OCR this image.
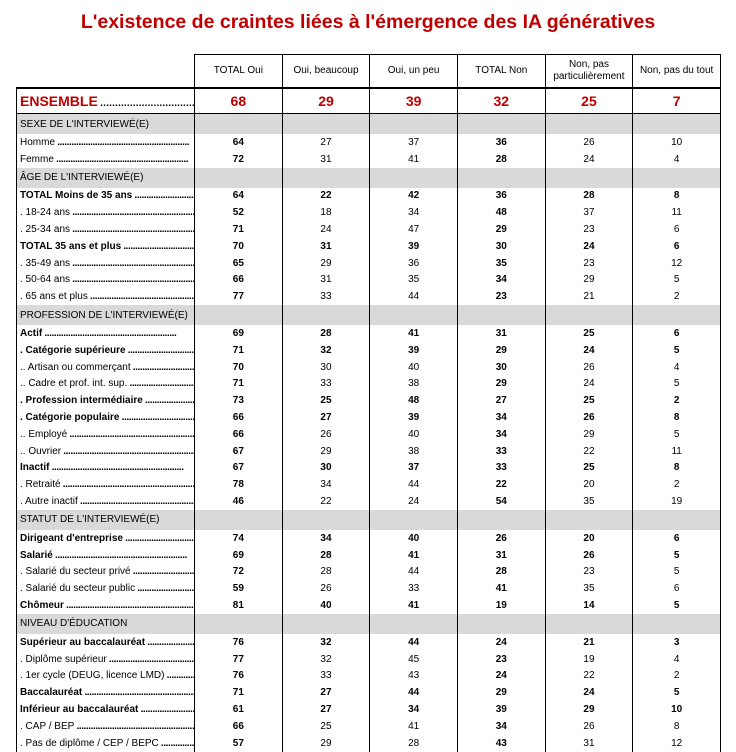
L'existence de craintes liées à l'émergence des IA génératives
	TOTAL Oui	Oui, beaucoup	Oui, un peu	TOTAL Non	Non, pas particulièrement	Non, pas du tout

ENSEMBLE . . .	68	29	39	32	25	7
SEXE DE L'INTERVIEWÉ(E)						

Homme . . .	64	27	37	36	26	10

Femme . . .	72	31	41	28	24	4
ÂGE DE L'INTERVIEWÉ(E)						

TOTAL Moins de 35 ans . . .	64	22	42	36	28	8

. 18-24 ans . . .	52	18	34	48	37	11

. 25-34 ans . . .	71	24	47	29	23	6

TOTAL 35 ans et plus . . .	70	31	39	30	24	6

. 35-49 ans . . .	65	29	36	35	23	12

. 50-64 ans . . .	66	31	35	34	29	5

. 65 ans et plus . . .	77	33	44	23	21	2
PROFESSION DE L'INTERVIEWÉ(E)						

Actif . . .	69	28	41	31	25	6

. Catégorie supérieure . . .	71	32	39	29	24	5

.. Artisan ou commerçant . . .	70	30	40	30	26	4

.. Cadre et prof. int. sup. . . .	71	33	38	29	24	5

. Profession intermédiaire . . .	73	25	48	27	25	2

. Catégorie populaire . . .	66	27	39	34	26	8

.. Employé . . .	66	26	40	34	29	5

.. Ouvrier . . .	67	29	38	33	22	11

Inactif . . .	67	30	37	33	25	8

. Retraité . . .	78	34	44	22	20	2

. Autre inactif . . .	46	22	24	54	35	19
STATUT DE L'INTERVIEWÉ(E)						

Dirigeant d'entreprise . . .	74	34	40	26	20	6

Salarié . . .	69	28	41	31	26	5

. Salarié du secteur privé . . .	72	28	44	28	23	5

. Salarié du secteur public . . .	59	26	33	41	35	6

Chômeur . . .	81	40	41	19	14	5
NIVEAU D'ÉDUCATION						

Supérieur au baccalauréat . . .	76	32	44	24	21	3

. Diplôme supérieur . . .	77	32	45	23	19	4

. 1er cycle (DEUG, licence LMD) . . .	76	33	43	24	22	2

Baccalauréat . . .	71	27	44	29	24	5

Inférieur au baccalauréat . . .	61	27	34	39	29	10

. CAP / BEP . . .	66	25	41	34	26	8

. Pas de diplôme / CEP / BEPC . . .	57	29	28	43	31	12
